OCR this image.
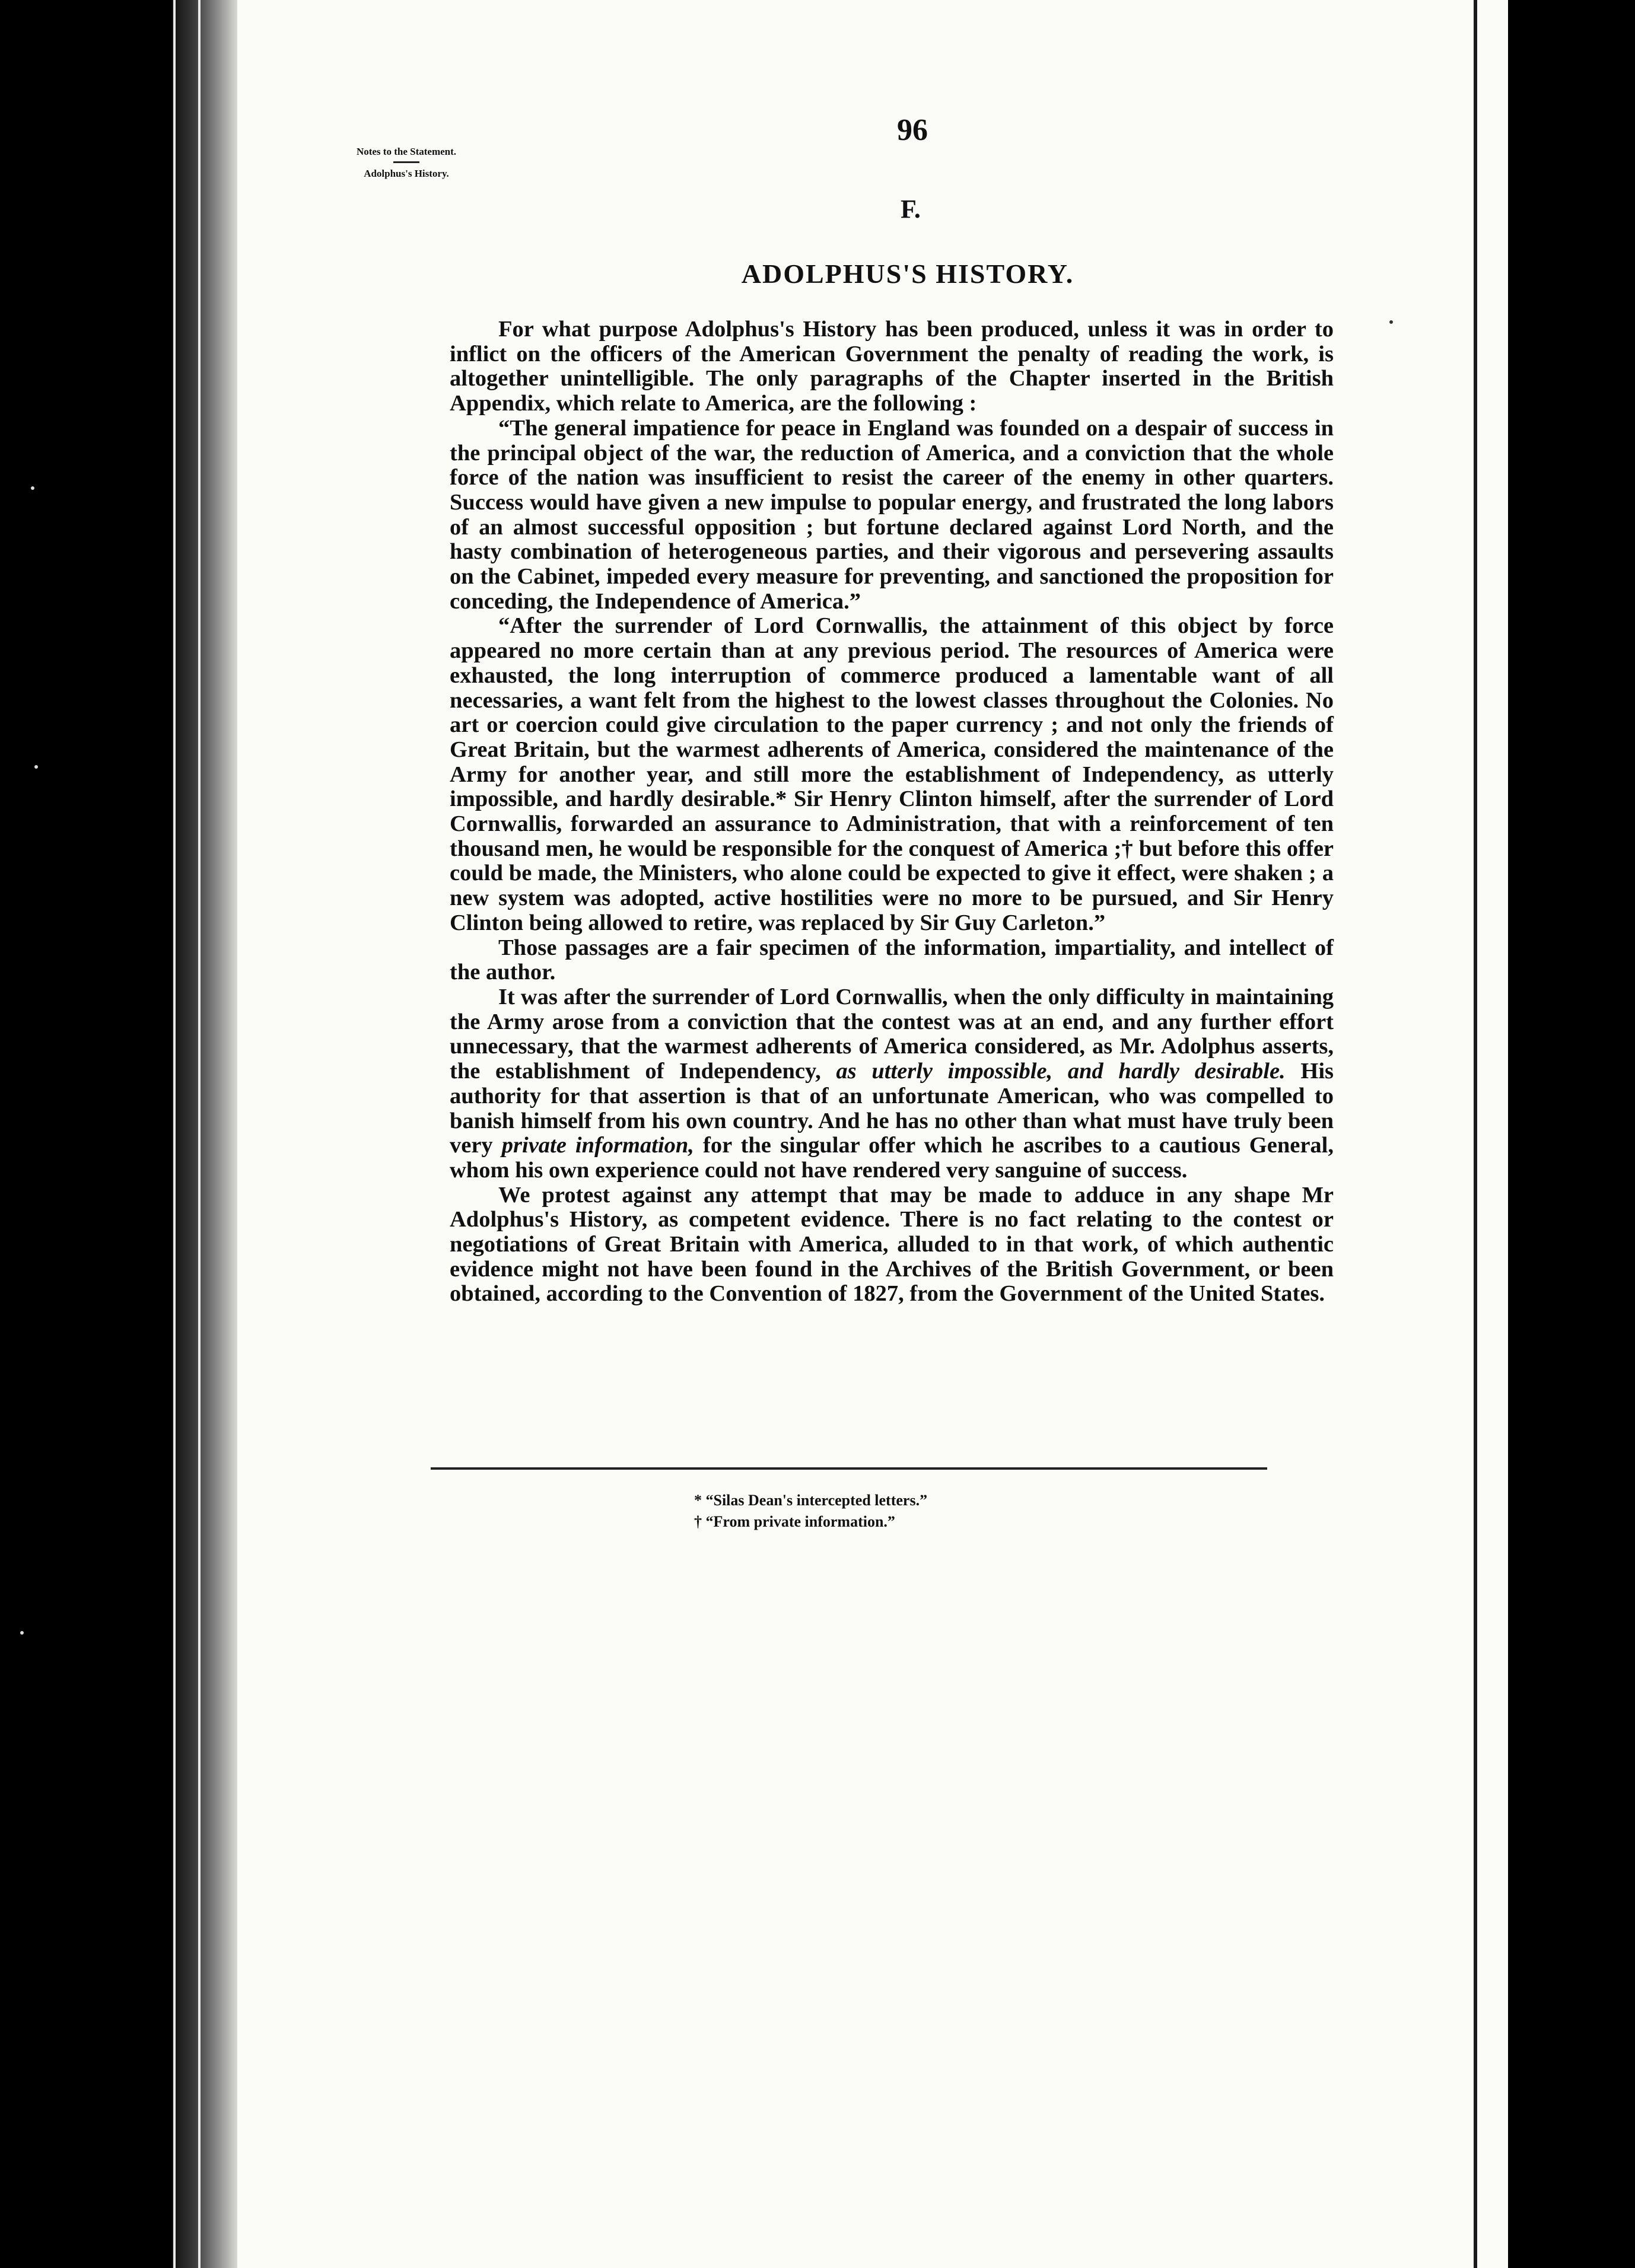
Notes to the Statement.
Adolphus's History.
96
F.
ADOLPHUS'S HISTORY.

For what purpose Adolphus's History has been produced, unless it was in order to inflict on the officers of the American Government the penalty of reading the work, is altogether unintelligible. The only paragraphs of the Chapter inserted in the British Appendix, which relate to America, are the following :

“The general impatience for peace in England was founded on a despair of success in the principal object of the war, the reduction of America, and a conviction that the whole force of the nation was insufficient to resist the career of the enemy in other quarters. Success would have given a new impulse to popular energy, and frustrated the long labors of an almost successful opposition ; but fortune declared against Lord North, and the hasty combination of heterogeneous parties, and their vigorous and persevering assaults on the Cabinet, impeded every measure for preventing, and sanctioned the proposition for conceding, the Independence of America.”

“After the surrender of Lord Cornwallis, the attainment of this object by force appeared no more certain than at any previous period. The resources of America were exhausted, the long interruption of commerce produced a lamentable want of all necessaries, a want felt from the highest to the lowest classes throughout the Colonies. No art or coercion could give circulation to the paper currency ; and not only the friends of Great Britain, but the warmest adherents of America, considered the maintenance of the Army for another year, and still more the establishment of Independency, as utterly impossible, and hardly desirable.* Sir Henry Clinton himself, after the surrender of Lord Cornwallis, forwarded an assurance to Administration, that with a reinforcement of ten thousand men, he would be responsible for the conquest of America ;† but before this offer could be made, the Ministers, who alone could be expected to give it effect, were shaken ; a new system was adopted, active hostilities were no more to be pursued, and Sir Henry Clinton being allowed to retire, was replaced by Sir Guy Carleton.”

Those passages are a fair specimen of the information, impartiality, and intellect of the author.

It was after the surrender of Lord Cornwallis, when the only difficulty in maintaining the Army arose from a conviction that the contest was at an end, and any further effort unnecessary, that the warmest adherents of America considered, as Mr. Adolphus asserts, the establishment of Independency, as utterly impossible, and hardly desirable. His authority for that assertion is that of an unfortunate American, who was compelled to banish himself from his own country. And he has no other than what must have truly been very private information, for the singular offer which he ascribes to a cautious General, whom his own experience could not have rendered very sanguine of success.

We protest against any attempt that may be made to adduce in any shape Mr Adolphus's History, as competent evidence. There is no fact relating to the contest or negotiations of Great Britain with America, alluded to in that work, of which authentic evidence might not have been found in the Archives of the British Government, or been obtained, according to the Convention of 1827, from the Government of the United States.

* “Silas Dean's intercepted letters.”
† “From private information.”
